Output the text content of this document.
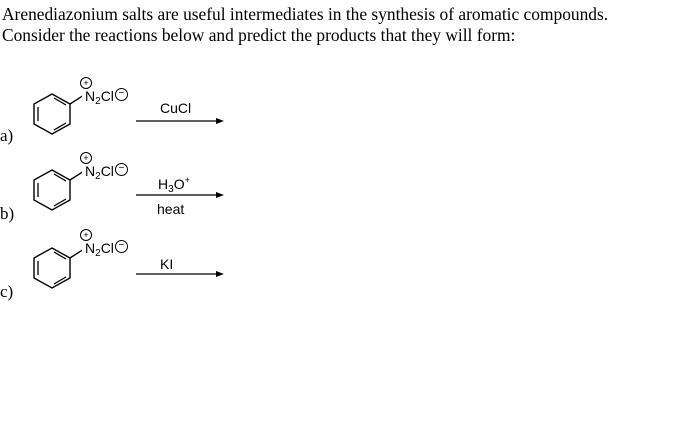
Arenediazonium salts are useful intermediates in the synthesis of aromatic compounds.

Consider the reactions below and predict the products that they will form:

+
$N_2Cl$ −
CuCl
a)
+
$N_2Cl$ −
$H_3O^+$
heat
b)
+
$N_2Cl$ −
KI
c)
